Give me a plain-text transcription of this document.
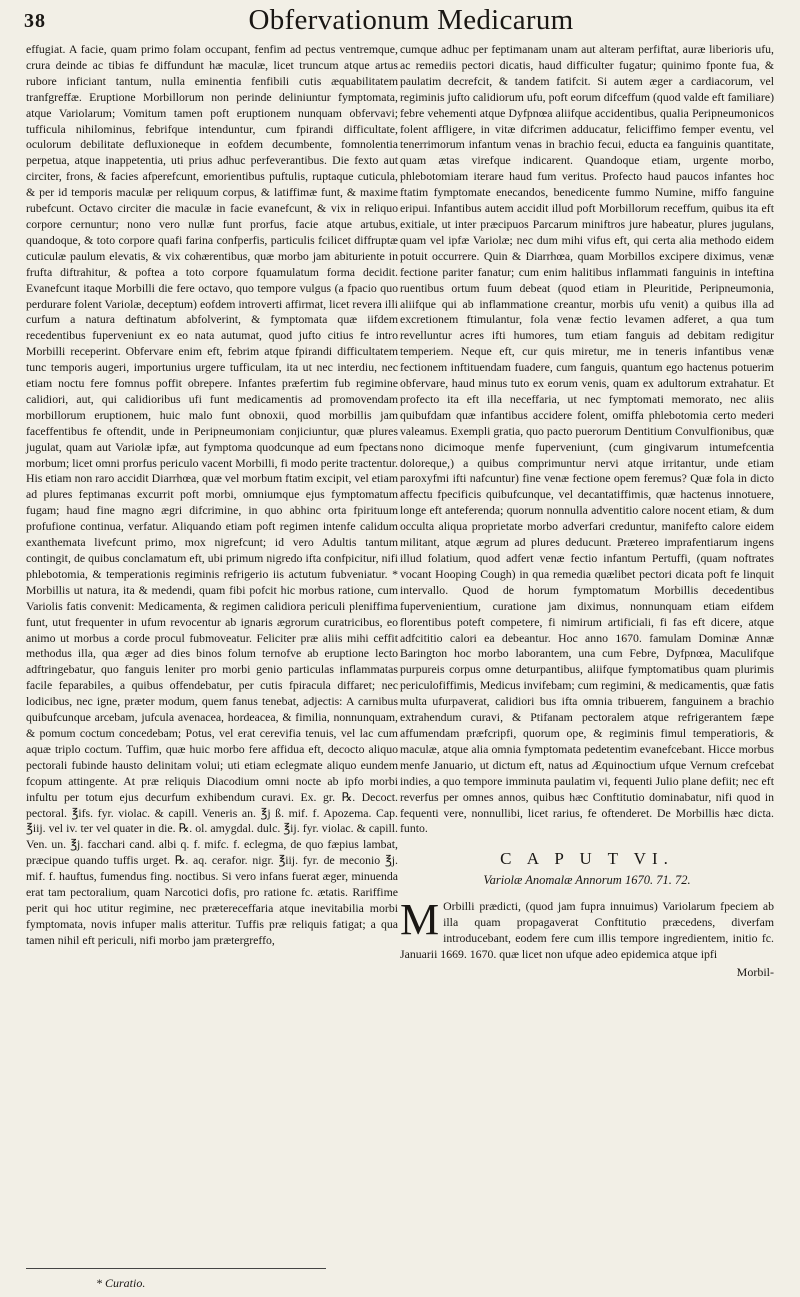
38	Obfervationum Medicarum

effugiat. A facie, quam primo folam occupant, fenfim ad pectus ventremque, crura deinde ac tibias fe diffundunt hæ maculæ, licet truncum atque artus rubore inficiant tantum, nulla eminentia fenfibili cutis æquabilitatem tranfgreffæ. Eruptione Morbillorum non perinde deliniuntur fymptomata, atque Variolarum; Vomitum tamen poft eruptionem nunquam obfervavi; tufficula nihilominus, febrifque intenduntur, cum fpirandi difficultate, oculorum debilitate defluxioneque in eofdem decumbente, fomnolentia perpetua, atque inappetentia, uti prius adhuc perfeverantibus. Die fexto aut circiter, frons, & facies afperefcunt, emorientibus puftulis, ruptaque cuticula, & per id temporis maculæ per reliquum corpus, & latiffimæ funt, & maxime rubefcunt. Octavo circiter die maculæ in facie evanefcunt, & vix in reliquo corpore cernuntur; nono vero nullæ funt prorfus, facie atque artubus, quandoque, & toto corpore quafi farina confperfis, particulis fcilicet diffruptæ cuticulæ paulum elevatis, & vix cohærentibus, quæ morbo jam abituriente in frufta diftrahitur, & poftea a toto corpore fquamulatum forma decidit. Evanefcunt itaque Morbilli die fere octavo, quo tempore vulgus (a fpacio quo perdurare folent Variolæ, deceptum) eofdem introverti affirmat, licet revera illi curfum a natura deftinatum abfolverint, & fymptomata quæ iifdem recedentibus fuperveniunt ex eo nata autumat, quod jufto citius fe intro Morbilli receperint. Obfervare enim eft, febrim atque fpirandi difficultatem tunc temporis augeri, importunius urgere tufficulam, ita ut nec interdiu, nec etiam noctu fere fomnus poffit obrepere. Infantes præfertim fub regimine calidiori, aut, qui calidioribus ufi funt medicamentis ad promovendam morbillorum eruptionem, huic malo funt obnoxii, quod morbillis jam faceffentibus fe oftendit, unde in Peripneumoniam conjiciuntur, quæ plures jugulat, quam aut Variolæ ipfæ, aut fymptoma quodcunque ad eum fpectans morbum; licet omni prorfus periculo vacent Morbilli, fi modo perite tractentur. His etiam non raro accidit Diarrhœa, quæ vel morbum ftatim excipit, vel etiam ad plures feptimanas excurrit poft morbi, omniumque ejus fymptomatum fugam; haud fine magno ægri difcrimine, in quo abhinc orta fpirituum profufione continua, verfatur. Aliquando etiam poft regimen intenfe calidum exanthemata livefcunt primo, mox nigrefcunt; id vero Adultis tantum contingit, de quibus conclamatum eft, ubi primum nigredo ifta confpicitur, nifi phlebotomia, & temperationis regiminis refrigerio iis actutum fubveniatur. * Morbillis ut natura, ita & medendi, quam fibi pofcit hic morbus ratione, cum Variolis fatis convenit: Medicamenta, & regimen calidiora periculi pleniffima funt, utut frequenter in ufum revocentur ab ignaris ægrorum curatricibus, eo animo ut morbus a corde procul fubmoveatur. Feliciter præ aliis mihi ceffit methodus illa, qua æger ad dies binos folum ternofve ab eruptione lecto adftringebatur, quo fanguis leniter pro morbi genio particulas inflammatas facile feparabiles, a quibus offendebatur, per cutis fpiracula diffaret; nec lodicibus, nec igne, præter modum, quem fanus tenebat, adjectis: A carnibus quibufcunque arcebam, jufcula avenacea, hordeacea, & fimilia, nonnunquam, & pomum coctum concedebam; Potus, vel erat cerevifia tenuis, vel lac cum aquæ triplo coctum. Tuffim, quæ huic morbo fere affidua eft, decocto aliquo pectorali fubinde hausto delinitam volui; uti etiam eclegmate aliquo eundem fcopum attingente. At præ reliquis Diacodium omni nocte ab ipfo morbi infultu per totum ejus decurfum exhibendum curavi. Ex. gr. ℞. Decoct. pectoral. ℥ifs. fyr. violac. & capill. Veneris an. ℥j ß. mif. f. Apozema. Cap. ℥iij. vel iv. ter vel quater in die. ℞. ol. amygdal. dulc. ℥ij. fyr. violac. & capill. Ven. un. ℥j. facchari cand. albi q. f. mifc. f. eclegma, de quo fæpius lambat, præcipue quando tuffis urget. ℞. aq. cerafor. nigr. ℥iij. fyr. de meconio ℥j. mif. f. hauftus, fumendus fing. noctibus. Si vero infans fuerat æger, minuenda erat tam pectoralium, quam Narcotici dofis, pro ratione fc. ætatis. Rariffime perit qui hoc utitur regimine, nec prætereceffaria atque inevitabilia morbi fymptomata, novis infuper malis atteritur. Tuffis præ reliquis fatigat; a qua tamen nihil eft periculi, nifi morbo jam prætergreffo,

cumque adhuc per feptimanam unam aut alteram perfiftat, auræ liberioris ufu, ac remediis pectori dicatis, haud difficulter fugatur; quinimo fponte fua, & paulatim decrefcit, & tandem fatifcit. Si autem æger a cardiacorum, vel regiminis jufto calidiorum ufu, poft eorum difceffum (quod valde eft familiare) febre vehementi atque Dyfpnœa aliifque accidentibus, qualia Peripneumonicos folent affligere, in vitæ difcrimen adducatur, feliciffimo femper eventu, vel tenerrimorum infantum venas in brachio fecui, educta ea fanguinis quantitate, quam ætas virefque indicarent. Quandoque etiam, urgente morbo, phlebotomiam iterare haud fum veritus. Profecto haud paucos infantes hoc ftatim fymptomate enecandos, benedicente fummo Numine, miffo fanguine eripui. Infantibus autem accidit illud poft Morbillorum receffum, quibus ita eft exitiale, ut inter præcipuos Parcarum miniftros jure habeatur, plures jugulans, quam vel ipfæ Variolæ; nec dum mihi vifus eft, qui certa alia methodo eidem potuit occurrere. Quin & Diarrhœa, quam Morbillos excipere diximus, venæ fectione pariter fanatur; cum enim halitibus inflammati fanguinis in inteftina ruentibus ortum fuum debeat (quod etiam in Pleuritide, Peripneumonia, aliifque qui ab inflammatione creantur, morbis ufu venit) a quibus illa ad excretionem ftimulantur, fola venæ fectio levamen adferet, a qua tum revelluntur acres ifti humores, tum etiam fanguis ad debitam redigitur temperiem. Neque eft, cur quis miretur, me in teneris infantibus venæ fectionem inftituendam fuadere, cum fanguis, quantum ego hactenus potuerim obfervare, haud minus tuto ex eorum venis, quam ex adultorum extrahatur. Et profecto ita eft illa neceffaria, ut nec fymptomati memorato, nec aliis quibufdam quæ infantibus accidere folent, omiffa phlebotomia certo mederi valeamus. Exempli gratia, quo pacto puerorum Dentitium Convulfionibus, quæ nono dicimoque menfe fuperveniunt, (cum gingivarum intumefcentia doloreque,) a quibus comprimuntur nervi atque irritantur, unde etiam paroxyfmi ifti nafcuntur) fine venæ fectione opem feremus? Quæ fola in dicto affectu fpecificis quibufcunque, vel decantatiffimis, quæ hactenus innotuere, longe eft anteferenda; quorum nonnulla adventitio calore nocent etiam, & dum occulta aliqua proprietate morbo adverfari creduntur, manifefto calore eidem militant, atque ægrum ad plures deducunt. Prætereo imprafentiarum ingens illud folatium, quod adfert venæ fectio infantum Pertuffi, (quam noftrates vocant Hooping Cough) in qua remedia quælibet pectori dicata poft fe linquit intervallo. Quod de horum fymptomatum Morbillis decedentibus fupervenientium, curatione jam diximus, nonnunquam etiam eifdem florentibus poteft competere, fi nimirum artificiali, fi fas eft dicere, atque adfcititio calori ea debeantur. Hoc anno 1670. famulam Dominæ Annæ Barington hoc morbo laborantem, una cum Febre, Dyfpnœa, Maculifque purpureis corpus omne deturpantibus, aliifque fymptomatibus quam plurimis periculofiffimis, Medicus invifebam; cum regimini, & medicamentis, quæ fatis multa ufurpaverat, calidiori bus ifta omnia tribuerem, fanguinem a brachio extrahendum curavi, & Ptifanam pectoralem atque refrigerantem fæpe affumendam præfcripfi, quorum ope, & regiminis fimul temperatioris, & maculæ, atque alia omnia fymptomata pedetentim evanefcebant. Hicce morbus menfe Januario, ut dictum eft, natus ad Æquinoctium ufque Vernum crefcebat indies, a quo tempore imminuta paulatim vi, fequenti Julio plane defiit; nec eft reverfus per omnes annos, quibus hæc Conftitutio dominabatur, nifi quod in fequenti vere, nonnullibi, licet rarius, fe oftenderet. De Morbillis hæc dicta. funto.

C A P U T VI.
Variolæ Anomalæ Annorum 1670. 71. 72.

M Orbilli prædicti, (quod jam fupra innuimus) Variolarum fpeciem ab illa quam propagaverat Conftitutio præcedens, diverfam introducebant, eodem fere cum illis tempore ingredientem, initio fc. Januarii 1669. 1670. quæ licet non ufque adeo epidemica atque ipfi

Morbil-
* Curatio.
